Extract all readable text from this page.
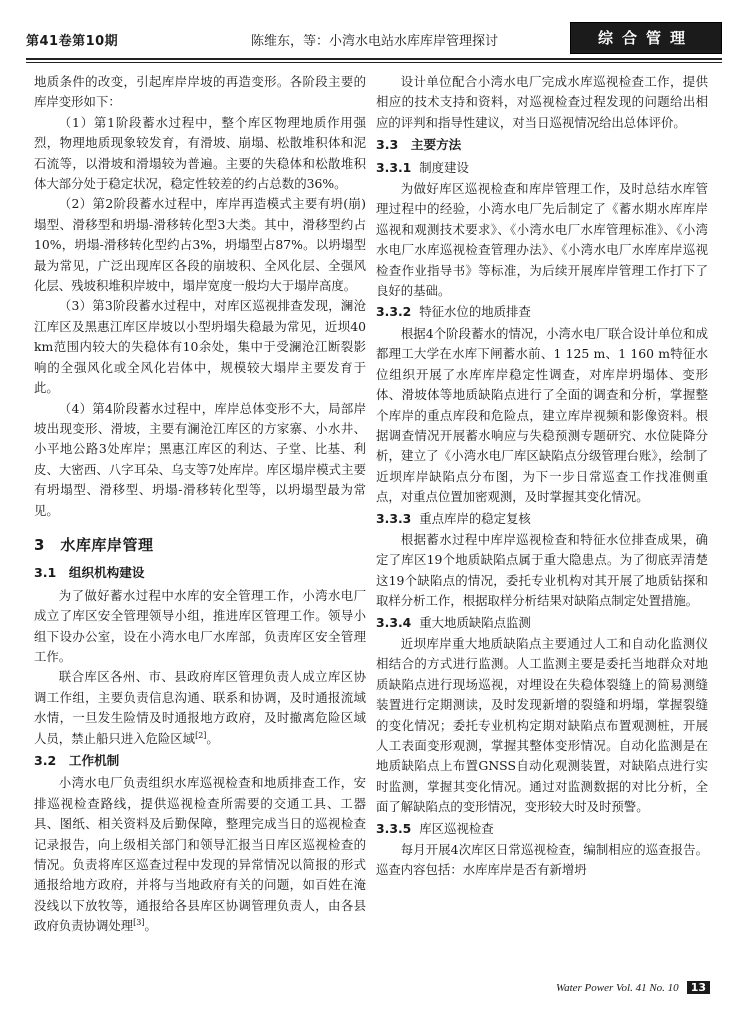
第41卷第10期	陈维东，等：小湾水电站水库库岸管理探讨	综合管理

地质条件的改变，引起库岸岸坡的再造变形。各阶段主要的库岸变形如下：

（1）第1阶段蓄水过程中，整个库区物理地质作用强烈，物理地质现象较发育，有滑坡、崩塌、松散堆积体和泥石流等，以滑坡和滑塌较为普遍。主要的失稳体和松散堆积体大部分处于稳定状况，稳定性较差的约占总数的36%。

（2）第2阶段蓄水过程中，库岸再造模式主要有坍(崩)塌型、滑移型和坍塌-滑移转化型3大类。其中，滑移型约占10%，坍塌-滑移转化型约占3%，坍塌型占87%。以坍塌型最为常见，广泛出现库区各段的崩坡积、全风化层、全强风化层、残坡积堆积岸坡中，塌岸宽度一般均大于塌岸高度。

（3）第3阶段蓄水过程中，对库区巡视排查发现，澜沧江库区及黑惠江库区岸坡以小型坍塌失稳最为常见，近坝40 km范围内较大的失稳体有10余处，集中于受澜沧江断裂影响的全强风化或全风化岩体中，规模较大塌岸主要发育于此。

（4）第4阶段蓄水过程中，库岸总体变形不大，局部岸坡出现变形、滑坡，主要有澜沧江库区的方家寨、小水井、小平地公路3处库岸；黑惠江库区的利达、子堂、比基、利皮、大密西、八字耳朵、乌支等7处库岸。库区塌岸模式主要有坍塌型、滑移型、坍塌-滑移转化型等，以坍塌型最为常见。

3　水库库岸管理
3.1　组织机构建设

为了做好蓄水过程中水库的安全管理工作，小湾水电厂成立了库区安全管理领导小组，推进库区管理工作。领导小组下设办公室，设在小湾水电厂水库部，负责库区安全管理工作。

联合库区各州、市、县政府库区管理负责人成立库区协调工作组，主要负责信息沟通、联系和协调，及时通报流域水情，一旦发生险情及时通报地方政府，及时撤离危险区域人员，禁止船只进入危险区域[2]。

3.2　工作机制

小湾水电厂负责组织水库巡视检查和地质排查工作，安排巡视检查路线，提供巡视检查所需要的交通工具、工器具、图纸、相关资料及后勤保障，整理完成当日的巡视检查记录报告，向上级相关部门和领导汇报当日库区巡视检查的情况。负责将库区巡查过程中发现的异常情况以简报的形式通报给地方政府，并将与当地政府有关的问题，如百姓在淹没线以下放牧等，通报给各县库区协调管理负责人，由各县政府负责协调处理[3]。

设计单位配合小湾水电厂完成水库巡视检查工作，提供相应的技术支持和资料，对巡视检查过程发现的问题给出相应的评判和指导性建议，对当日巡视情况给出总体评价。

3.3　主要方法
3.3.1 制度建设

为做好库区巡视检查和库岸管理工作，及时总结水库管理过程中的经验，小湾水电厂先后制定了《蓄水期水库库岸巡视和观测技术要求》、《小湾水电厂水库管理标准》、《小湾水电厂水库巡视检查管理办法》、《小湾水电厂水库库岸巡视检查作业指导书》等标准，为后续开展库岸管理工作打下了良好的基础。

3.3.2 特征水位的地质排查

根据4个阶段蓄水的情况，小湾水电厂联合设计单位和成都理工大学在水库下闸蓄水前、1 125 m、1 160 m特征水位组织开展了水库库岸稳定性调查，对库岸坍塌体、变形体、滑坡体等地质缺陷点进行了全面的调查和分析，掌握整个库岸的重点库段和危险点，建立库岸视频和影像资料。根据调查情况开展蓄水响应与失稳预测专题研究、水位陡降分析，建立了《小湾水电厂库区缺陷点分级管理台账》，绘制了近坝库岸缺陷点分布图，为下一步日常巡查工作找准侧重点，对重点位置加密观测，及时掌握其变化情况。

3.3.3 重点库岸的稳定复核

根据蓄水过程中库岸巡视检查和特征水位排查成果，确定了库区19个地质缺陷点属于重大隐患点。为了彻底弄清楚这19个缺陷点的情况，委托专业机构对其开展了地质钻探和取样分析工作，根据取样分析结果对缺陷点制定处置措施。

3.3.4 重大地质缺陷点监测

近坝库岸重大地质缺陷点主要通过人工和自动化监测仪相结合的方式进行监测。人工监测主要是委托当地群众对地质缺陷点进行现场巡视，对埋设在失稳体裂缝上的简易测缝装置进行定期测读，及时发现新增的裂缝和坍塌，掌握裂缝的变化情况；委托专业机构定期对缺陷点布置观测桩，开展人工表面变形观测，掌握其整体变形情况。自动化监测是在地质缺陷点上布置GNSS自动化观测装置，对缺陷点进行实时监测，掌握其变化情况。通过对监测数据的对比分析，全面了解缺陷点的变形情况，变形较大时及时预警。

3.3.5 库区巡视检查

每月开展4次库区日常巡视检查，编制相应的巡查报告。巡查内容包括：水库库岸是否有新增坍

Water Power Vol. 41 No. 10 13
